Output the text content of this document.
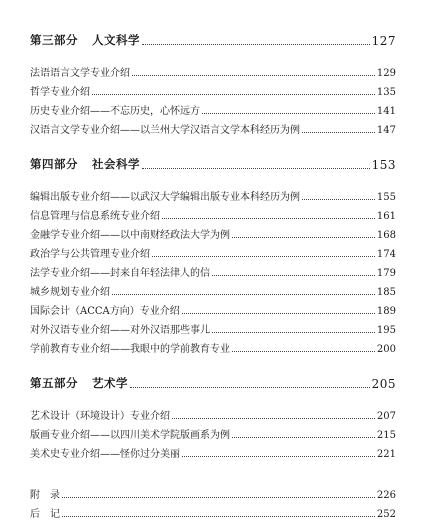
第三部分 人文科学	127
法语语言文学专业介绍	129
哲学专业介绍	135
历史专业介绍——不忘历史，心怀远方	141
汉语言文学专业介绍——以兰州大学汉语言文学本科经历为例	147
第四部分 社会科学	153
编辑出版专业介绍——以武汉大学编辑出版专业本科经历为例	155
信息管理与信息系统专业介绍	161
金融学专业介绍——以中南财经政法大学为例	168
政治学与公共管理专业介绍	174
法学专业介绍——封来自年轻法律人的信	179
城乡规划专业介绍	185
国际会计（ACCA方向）专业介绍	189
对外汉语专业介绍——对外汉语那些事儿	195
学前教育专业介绍——我眼中的学前教育专业	200
第五部分 艺术学	205
艺术设计（环境设计）专业介绍	207
版画专业介绍——以四川美术学院版画系为例	215
美术史专业介绍——怪你过分美丽	221
附　录	226
后　记	252
